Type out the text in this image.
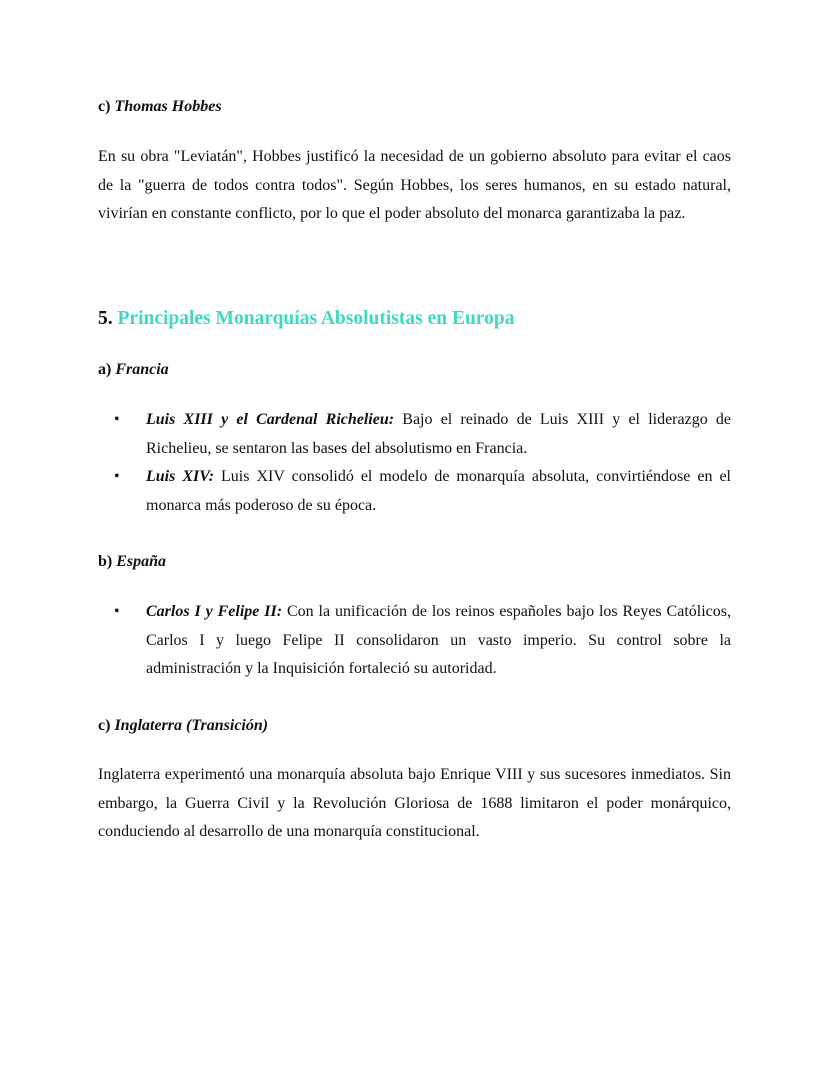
c) Thomas Hobbes
En su obra "Leviatán", Hobbes justificó la necesidad de un gobierno absoluto para evitar el caos de la "guerra de todos contra todos". Según Hobbes, los seres humanos, en su estado natural, vivirían en constante conflicto, por lo que el poder absoluto del monarca garantizaba la paz.
5. Principales Monarquías Absolutistas en Europa
a) Francia
• Luis XIII y el Cardenal Richelieu: Bajo el reinado de Luis XIII y el liderazgo de Richelieu, se sentaron las bases del absolutismo en Francia.
• Luis XIV: Luis XIV consolidó el modelo de monarquía absoluta, convirtiéndose en el monarca más poderoso de su época.
b) España
• Carlos I y Felipe II: Con la unificación de los reinos españoles bajo los Reyes Católicos, Carlos I y luego Felipe II consolidaron un vasto imperio. Su control sobre la administración y la Inquisición fortaleció su autoridad.
c) Inglaterra (Transición)
Inglaterra experimentó una monarquía absoluta bajo Enrique VIII y sus sucesores inmediatos. Sin embargo, la Guerra Civil y la Revolución Gloriosa de 1688 limitaron el poder monárquico, conduciendo al desarrollo de una monarquía constitucional.
